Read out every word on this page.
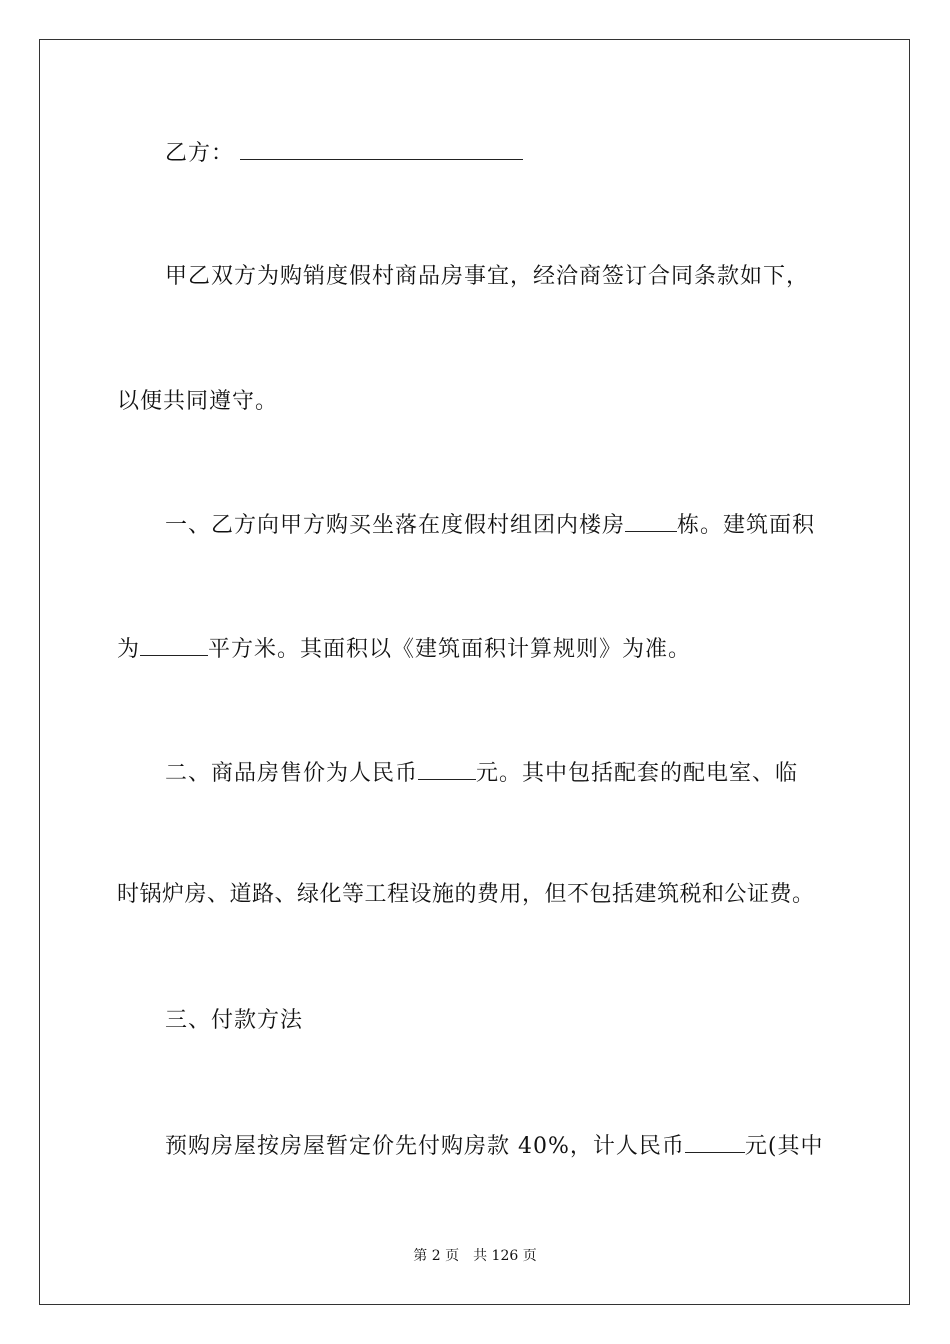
乙方：
甲乙双方为购销度假村商品房事宜，经洽商签订合同条款如下，
以便共同遵守。
一、乙方向甲方购买坐落在度假村组团内楼房 栋。建筑面积
为	平方米。其面积以《建筑面积计算规则》为准。
二、商品房售价为人民币	元。其中包括配套的配电室、临
时锅炉房、道路、绿化等工程设施的费用，但不包括建筑税和公证费。
三、付款方法
预购房屋按房屋暂定价先付购房款 40%，计人民币	元(其中
第 2 页　共 126 页
